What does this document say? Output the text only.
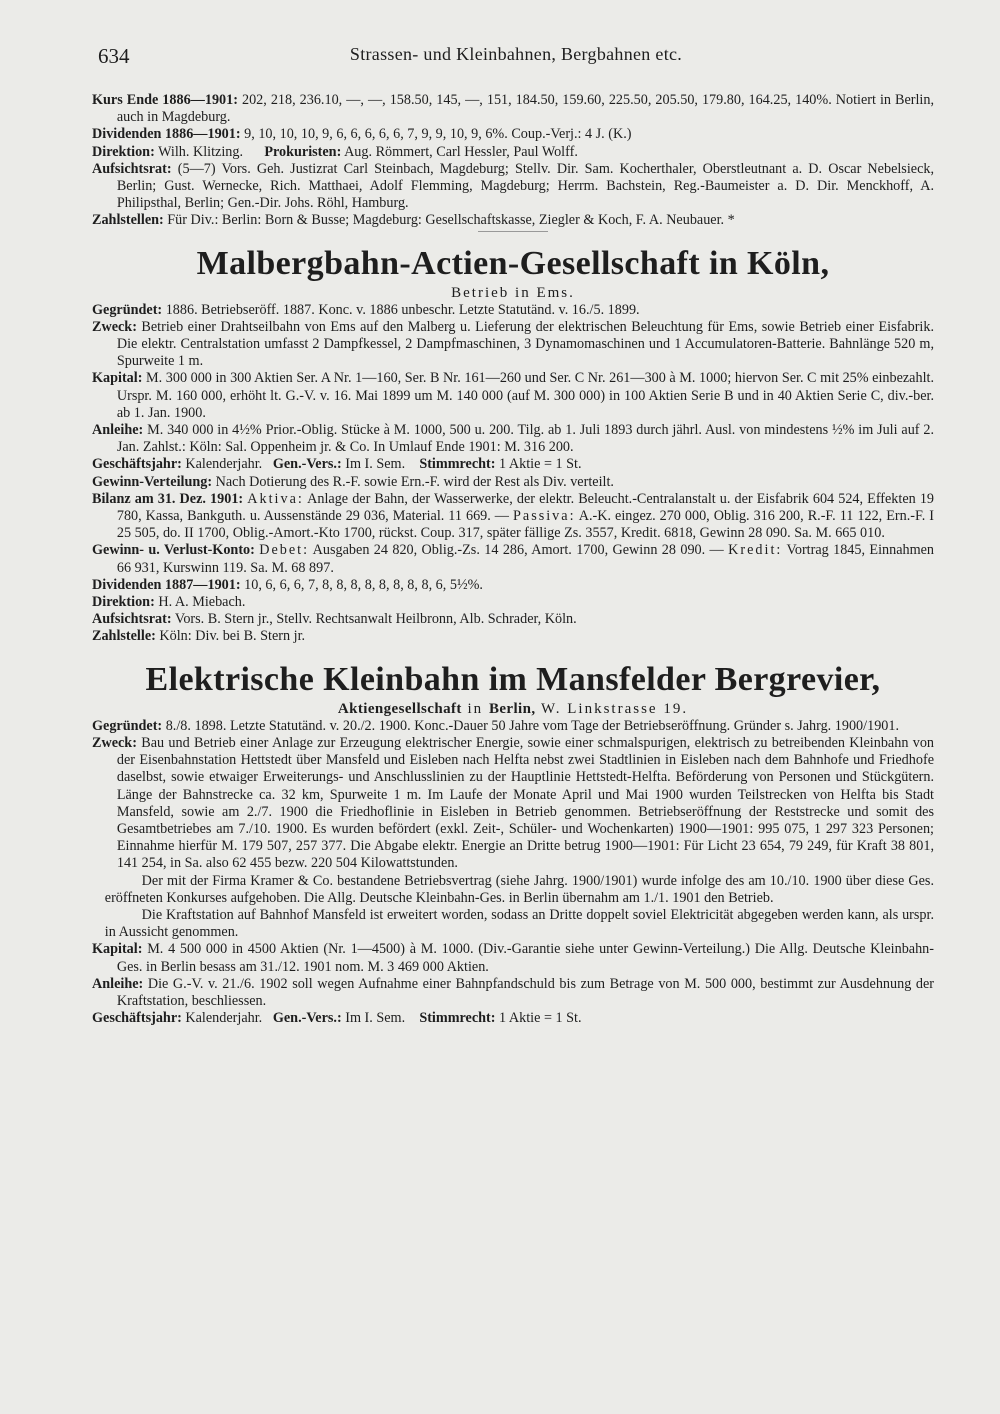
634	Strassen- und Kleinbahnen, Bergbahnen etc.
Kurs Ende 1886—1901: 202, 218, 236.10, —, —, 158.50, 145, —, 151, 184.50, 159.60, 225.50, 205.50, 179.80, 164.25, 140%. Notiert in Berlin, auch in Magdeburg.
Dividenden 1886—1901: 9, 10, 10, 10, 9, 6, 6, 6, 6, 6, 7, 9, 9, 10, 9, 6%. Coup.-Verj.: 4 J. (K.)
Direktion: Wilh. Klitzing. Prokuristen: Aug. Römmert, Carl Hessler, Paul Wolff.
Aufsichtsrat: (5—7) Vors. Geh. Justizrat Carl Steinbach, Magdeburg; Stellv. Dir. Sam. Kocherthaler, Oberstleutnant a. D. Oscar Nebelsieck, Berlin; Gust. Wernecke, Rich. Matthaei, Adolf Flemming, Magdeburg; Herrm. Bachstein, Reg.-Baumeister a. D. Dir. Menckhoff, A. Philipsthal, Berlin; Gen.-Dir. Johs. Röhl, Hamburg.
Zahlstellen: Für Div.: Berlin: Born & Busse; Magdeburg: Gesellschaftskasse, Ziegler & Koch, F. A. Neubauer. *
Malbergbahn-Actien-Gesellschaft in Köln,
Betrieb in Ems.
Gegründet: 1886. Betriebseröff. 1887. Konc. v. 1886 unbeschr. Letzte Statutänd. v. 16./5. 1899.
Zweck: Betrieb einer Drahtseilbahn von Ems auf den Malberg u. Lieferung der elektrischen Beleuchtung für Ems, sowie Betrieb einer Eisfabrik. Die elektr. Centralstation umfasst 2 Dampfkessel, 2 Dampfmaschinen, 3 Dynamomaschinen und 1 Accumulatoren-Batterie. Bahnlänge 520 m, Spurweite 1 m.
Kapital: M. 300 000 in 300 Aktien Ser. A Nr. 1—160, Ser. B Nr. 161—260 und Ser. C Nr. 261—300 à M. 1000; hiervon Ser. C mit 25% einbezahlt. Urspr. M. 160 000, erhöht lt. G.-V. v. 16. Mai 1899 um M. 140 000 (auf M. 300 000) in 100 Aktien Serie B und in 40 Aktien Serie C, div.-ber. ab 1. Jan. 1900.
Anleihe: M. 340 000 in 4½% Prior.-Oblig. Stücke à M. 1000, 500 u. 200. Tilg. ab 1. Juli 1893 durch jährl. Ausl. von mindestens ½% im Juli auf 2. Jan. Zahlst.: Köln: Sal. Oppenheim jr. & Co. In Umlauf Ende 1901: M. 316 200.
Geschäftsjahr: Kalenderjahr. Gen.-Vers.: Im I. Sem. Stimmrecht: 1 Aktie = 1 St.
Gewinn-Verteilung: Nach Dotierung des R.-F. sowie Ern.-F. wird der Rest als Div. verteilt.
Bilanz am 31. Dez. 1901: Aktiva: Anlage der Bahn, der Wasserwerke, der elektr. Beleucht.-Centralanstalt u. der Eisfabrik 604 524, Effekten 19 780, Kassa, Bankguth. u. Aussenstände 29 036, Material. 11 669. — Passiva: A.-K. eingez. 270 000, Oblig. 316 200, R.-F. 11 122, Ern.-F. I 25 505, do. II 1700, Oblig.-Amort.-Kto 1700, rückst. Coup. 317, später fällige Zs. 3557, Kredit. 6818, Gewinn 28 090. Sa. M. 665 010.
Gewinn- u. Verlust-Konto: Debet: Ausgaben 24 820, Oblig.-Zs. 14 286, Amort. 1700, Gewinn 28 090. — Kredit: Vortrag 1845, Einnahmen 66 931, Kurswinn 119. Sa. M. 68 897.
Dividenden 1887—1901: 10, 6, 6, 6, 7, 8, 8, 8, 8, 8, 8, 8, 8, 6, 5½%.
Direktion: H. A. Miebach.
Aufsichtsrat: Vors. B. Stern jr., Stellv. Rechtsanwalt Heilbronn, Alb. Schrader, Köln.
Zahlstelle: Köln: Div. bei B. Stern jr.
Elektrische Kleinbahn im Mansfelder Bergrevier,
Aktiengesellschaft in Berlin, W. Linkstrasse 19.
Gegründet: 8./8. 1898. Letzte Statutänd. v. 20./2. 1900. Konc.-Dauer 50 Jahre vom Tage der Betriebseröffnung. Gründer s. Jahrg. 1900/1901.
Zweck: Bau und Betrieb einer Anlage zur Erzeugung elektrischer Energie, sowie einer schmalspurigen, elektrisch zu betreibenden Kleinbahn von der Eisenbahnstation Hettstedt über Mansfeld und Eisleben nach Helfta nebst zwei Stadtlinien in Eisleben nach dem Bahnhofe und Friedhofe daselbst, sowie etwaiger Erweiterungs- und Anschlusslinien zu der Hauptlinie Hettstedt-Helfta. Beförderung von Personen und Stückgütern. Länge der Bahnstrecke ca. 32 km, Spurweite 1 m. Im Laufe der Monate April und Mai 1900 wurden Teilstrecken von Helfta bis Stadt Mansfeld, sowie am 2./7. 1900 die Friedhoflinie in Eisleben in Betrieb genommen. Betriebseröffnung der Reststrecke und somit des Gesamtbetriebes am 7./10. 1900. Es wurden befördert (exkl. Zeit-, Schüler- und Wochenkarten) 1900—1901: 995 075, 1 297 323 Personen; Einnahme hierfür M. 179 507, 257 377. Die Abgabe elektr. Energie an Dritte betrug 1900—1901: Für Licht 23 654, 79 249, für Kraft 38 801, 141 254, in Sa. also 62 455 bezw. 220 504 Kilowattstunden.
Der mit der Firma Kramer & Co. bestandene Betriebsvertrag (siehe Jahrg. 1900/1901) wurde infolge des am 10./10. 1900 über diese Ges. eröffneten Konkurses aufgehoben. Die Allg. Deutsche Kleinbahn-Ges. in Berlin übernahm am 1./1. 1901 den Betrieb.
Die Kraftstation auf Bahnhof Mansfeld ist erweitert worden, sodass an Dritte doppelt soviel Elektricität abgegeben werden kann, als urspr. in Aussicht genommen.
Kapital: M. 4 500 000 in 4500 Aktien (Nr. 1—4500) à M. 1000. (Div.-Garantie siehe unter Gewinn-Verteilung.) Die Allg. Deutsche Kleinbahn-Ges. in Berlin besass am 31./12. 1901 nom. M. 3 469 000 Aktien.
Anleihe: Die G.-V. v. 21./6. 1902 soll wegen Aufnahme einer Bahnpfandschuld bis zum Betrage von M. 500 000, bestimmt zur Ausdehnung der Kraftstation, beschliessen.
Geschäftsjahr: Kalenderjahr. Gen.-Vers.: Im I. Sem. Stimmrecht: 1 Aktie = 1 St.
